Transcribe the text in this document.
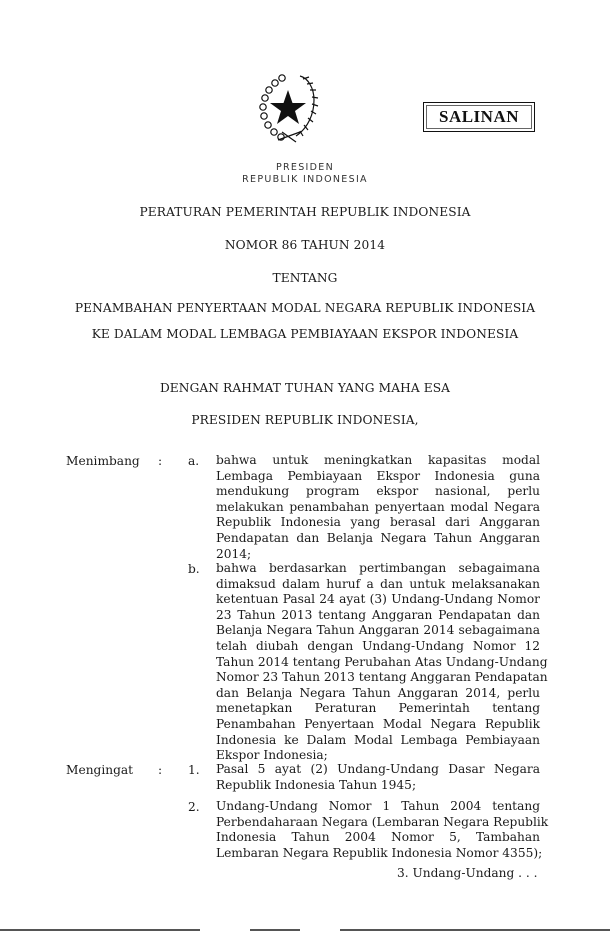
SALINAN
PRESIDEN
REPUBLIK INDONESIA
PERATURAN PEMERINTAH REPUBLIK INDONESIA
NOMOR 86 TAHUN 2014
TENTANG
PENAMBAHAN PENYERTAAN MODAL NEGARA REPUBLIK INDONESIA
KE DALAM MODAL LEMBAGA PEMBIAYAAN EKSPOR INDONESIA
DENGAN RAHMAT TUHAN YANG MAHA ESA
PRESIDEN REPUBLIK INDONESIA,
Menimbang : a. bahwa untuk meningkatkan kapasitas modal
Lembaga Pembiayaan Ekspor Indonesia guna
mendukung program ekspor nasional, perlu
melakukan penambahan penyertaan modal Negara
Republik Indonesia yang berasal dari Anggaran
Pendapatan dan Belanja Negara Tahun Anggaran
2014;
b. bahwa berdasarkan pertimbangan sebagaimana
dimaksud dalam huruf a dan untuk melaksanakan
ketentuan Pasal 24 ayat (3) Undang-Undang Nomor
23 Tahun 2013 tentang Anggaran Pendapatan dan
Belanja Negara Tahun Anggaran 2014 sebagaimana
telah diubah dengan Undang-Undang Nomor 12
Tahun 2014 tentang Perubahan Atas Undang-Undang
Nomor 23 Tahun 2013 tentang Anggaran Pendapatan
dan Belanja Negara Tahun Anggaran 2014, perlu
menetapkan Peraturan Pemerintah tentang
Penambahan Penyertaan Modal Negara Republik
Indonesia ke Dalam Modal Lembaga Pembiayaan
Ekspor Indonesia;
Mengingat : 1. Pasal 5 ayat (2) Undang-Undang Dasar Negara
Republik Indonesia Tahun 1945;
2. Undang-Undang Nomor 1 Tahun 2004 tentang
Perbendaharaan Negara (Lembaran Negara Republik
Indonesia Tahun 2004 Nomor 5, Tambahan
Lembaran Negara Republik Indonesia Nomor 4355);
3. Undang-Undang . . .
